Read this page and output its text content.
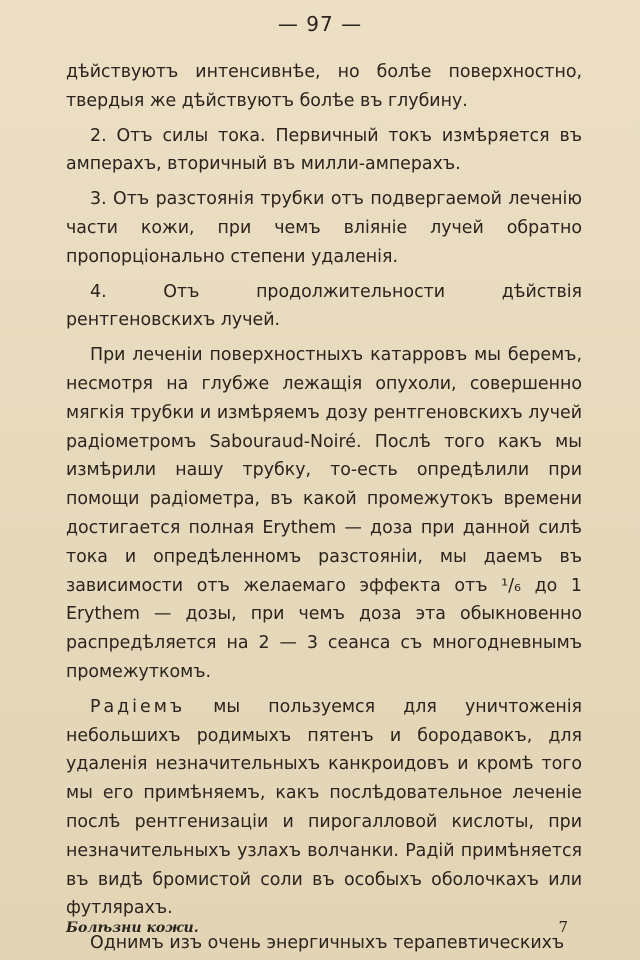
— 97 —

дѣйствуютъ интенсивнѣе, но болѣе поверхностно, твердыя же дѣйствуютъ болѣе въ глубину.

2. Отъ силы тока. Первичный токъ измѣряется въ амперахъ, вторичный въ милли-амперахъ.

3. Отъ разстоянія трубки отъ подвергаемой леченію части кожи, при чемъ вліяніе лучей обратно пропорціонально степени удаленія.

4. Отъ продолжительности дѣйствія рентгеновскихъ лучей.

При леченіи поверхностныхъ катарровъ мы беремъ, несмотря на глубже лежащія опухоли, совершенно мягкія трубки и измѣряемъ дозу рентгеновскихъ лучей радіометромъ Sabouraud-Noiré. Послѣ того какъ мы измѣрили нашу трубку, то-есть опредѣлили при помощи радіометра, въ какой промежутокъ времени достигается полная Erythem — доза при данной силѣ тока и опредѣленномъ разстояніи, мы даемъ въ зависимости отъ желаемаго эффекта отъ ¹/₆ до 1 Erythem — дозы, при чемъ доза эта обыкновенно распредѣляется на 2 — 3 сеанса съ многодневнымъ промежуткомъ.

Радіемъ мы пользуемся для уничтоженія небольшихъ родимыхъ пятенъ и бородавокъ, для удаленія незначительныхъ канкроидовъ и кромѣ того мы его примѣняемъ, какъ послѣдовательное леченіе послѣ рентгенизаціи и пирогалловой кислоты, при незначительныхъ узлахъ волчанки. Радій примѣняется въ видѣ бромистой соли въ особыхъ оболочкахъ или футлярахъ.

Однимъ изъ очень энергичныхъ терапевтическихъ

Болѣзни кожи.	7
